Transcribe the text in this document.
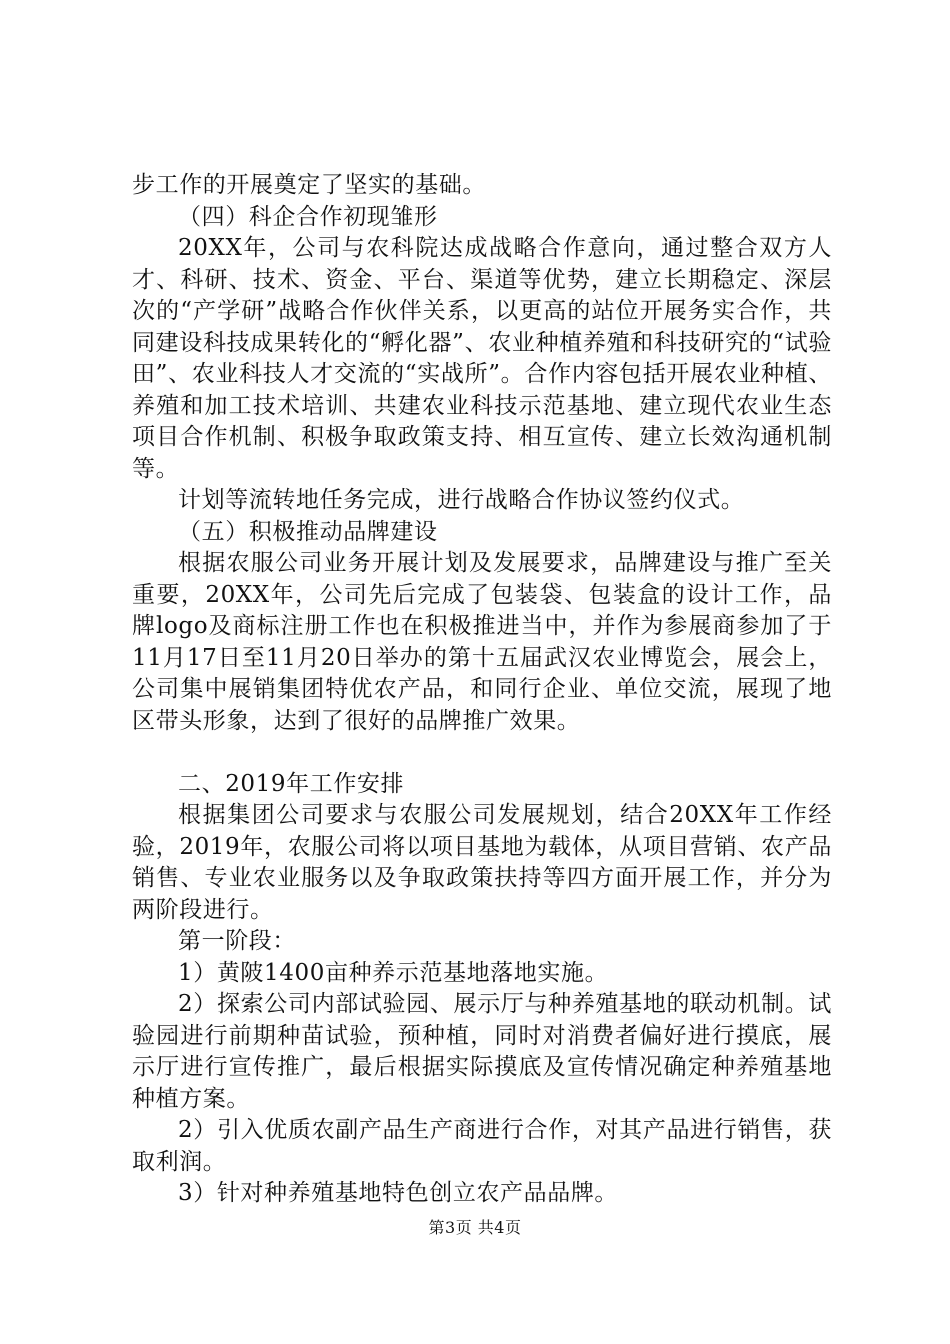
步工作的开展奠定了坚实的基础。

（四）科企合作初现雏形

20XX年，公司与农科院达成战略合作意向，通过整合双方人才、科研、技术、资金、平台、渠道等优势，建立长期稳定、深层次的“产学研”战略合作伙伴关系，以更高的站位开展务实合作，共同建设科技成果转化的“孵化器”、农业种植养殖和科技研究的“试验田”、农业科技人才交流的“实战所”。合作内容包括开展农业种植、养殖和加工技术培训、共建农业科技示范基地、建立现代农业生态项目合作机制、积极争取政策支持、相互宣传、建立长效沟通机制等。

计划等流转地任务完成，进行战略合作协议签约仪式。

（五）积极推动品牌建设

根据农服公司业务开展计划及发展要求，品牌建设与推广至关重要，20XX年，公司先后完成了包装袋、包装盒的设计工作，品牌logo及商标注册工作也在积极推进当中，并作为参展商参加了于11月17日至11月20日举办的第十五届武汉农业博览会，展会上，公司集中展销集团特优农产品，和同行企业、单位交流，展现了地区带头形象，达到了很好的品牌推广效果。

二、2019年工作安排

根据集团公司要求与农服公司发展规划，结合20XX年工作经验，2019年，农服公司将以项目基地为载体，从项目营销、农产品销售、专业农业服务以及争取政策扶持等四方面开展工作，并分为两阶段进行。

第一阶段：

1）黄陂1400亩种养示范基地落地实施。

2）探索公司内部试验园、展示厅与种养殖基地的联动机制。试验园进行前期种苗试验，预种植，同时对消费者偏好进行摸底，展示厅进行宣传推广，最后根据实际摸底及宣传情况确定种养殖基地种植方案。

2）引入优质农副产品生产商进行合作，对其产品进行销售，获取利润。

3）针对种养殖基地特色创立农产品品牌。

第3页 共4页
